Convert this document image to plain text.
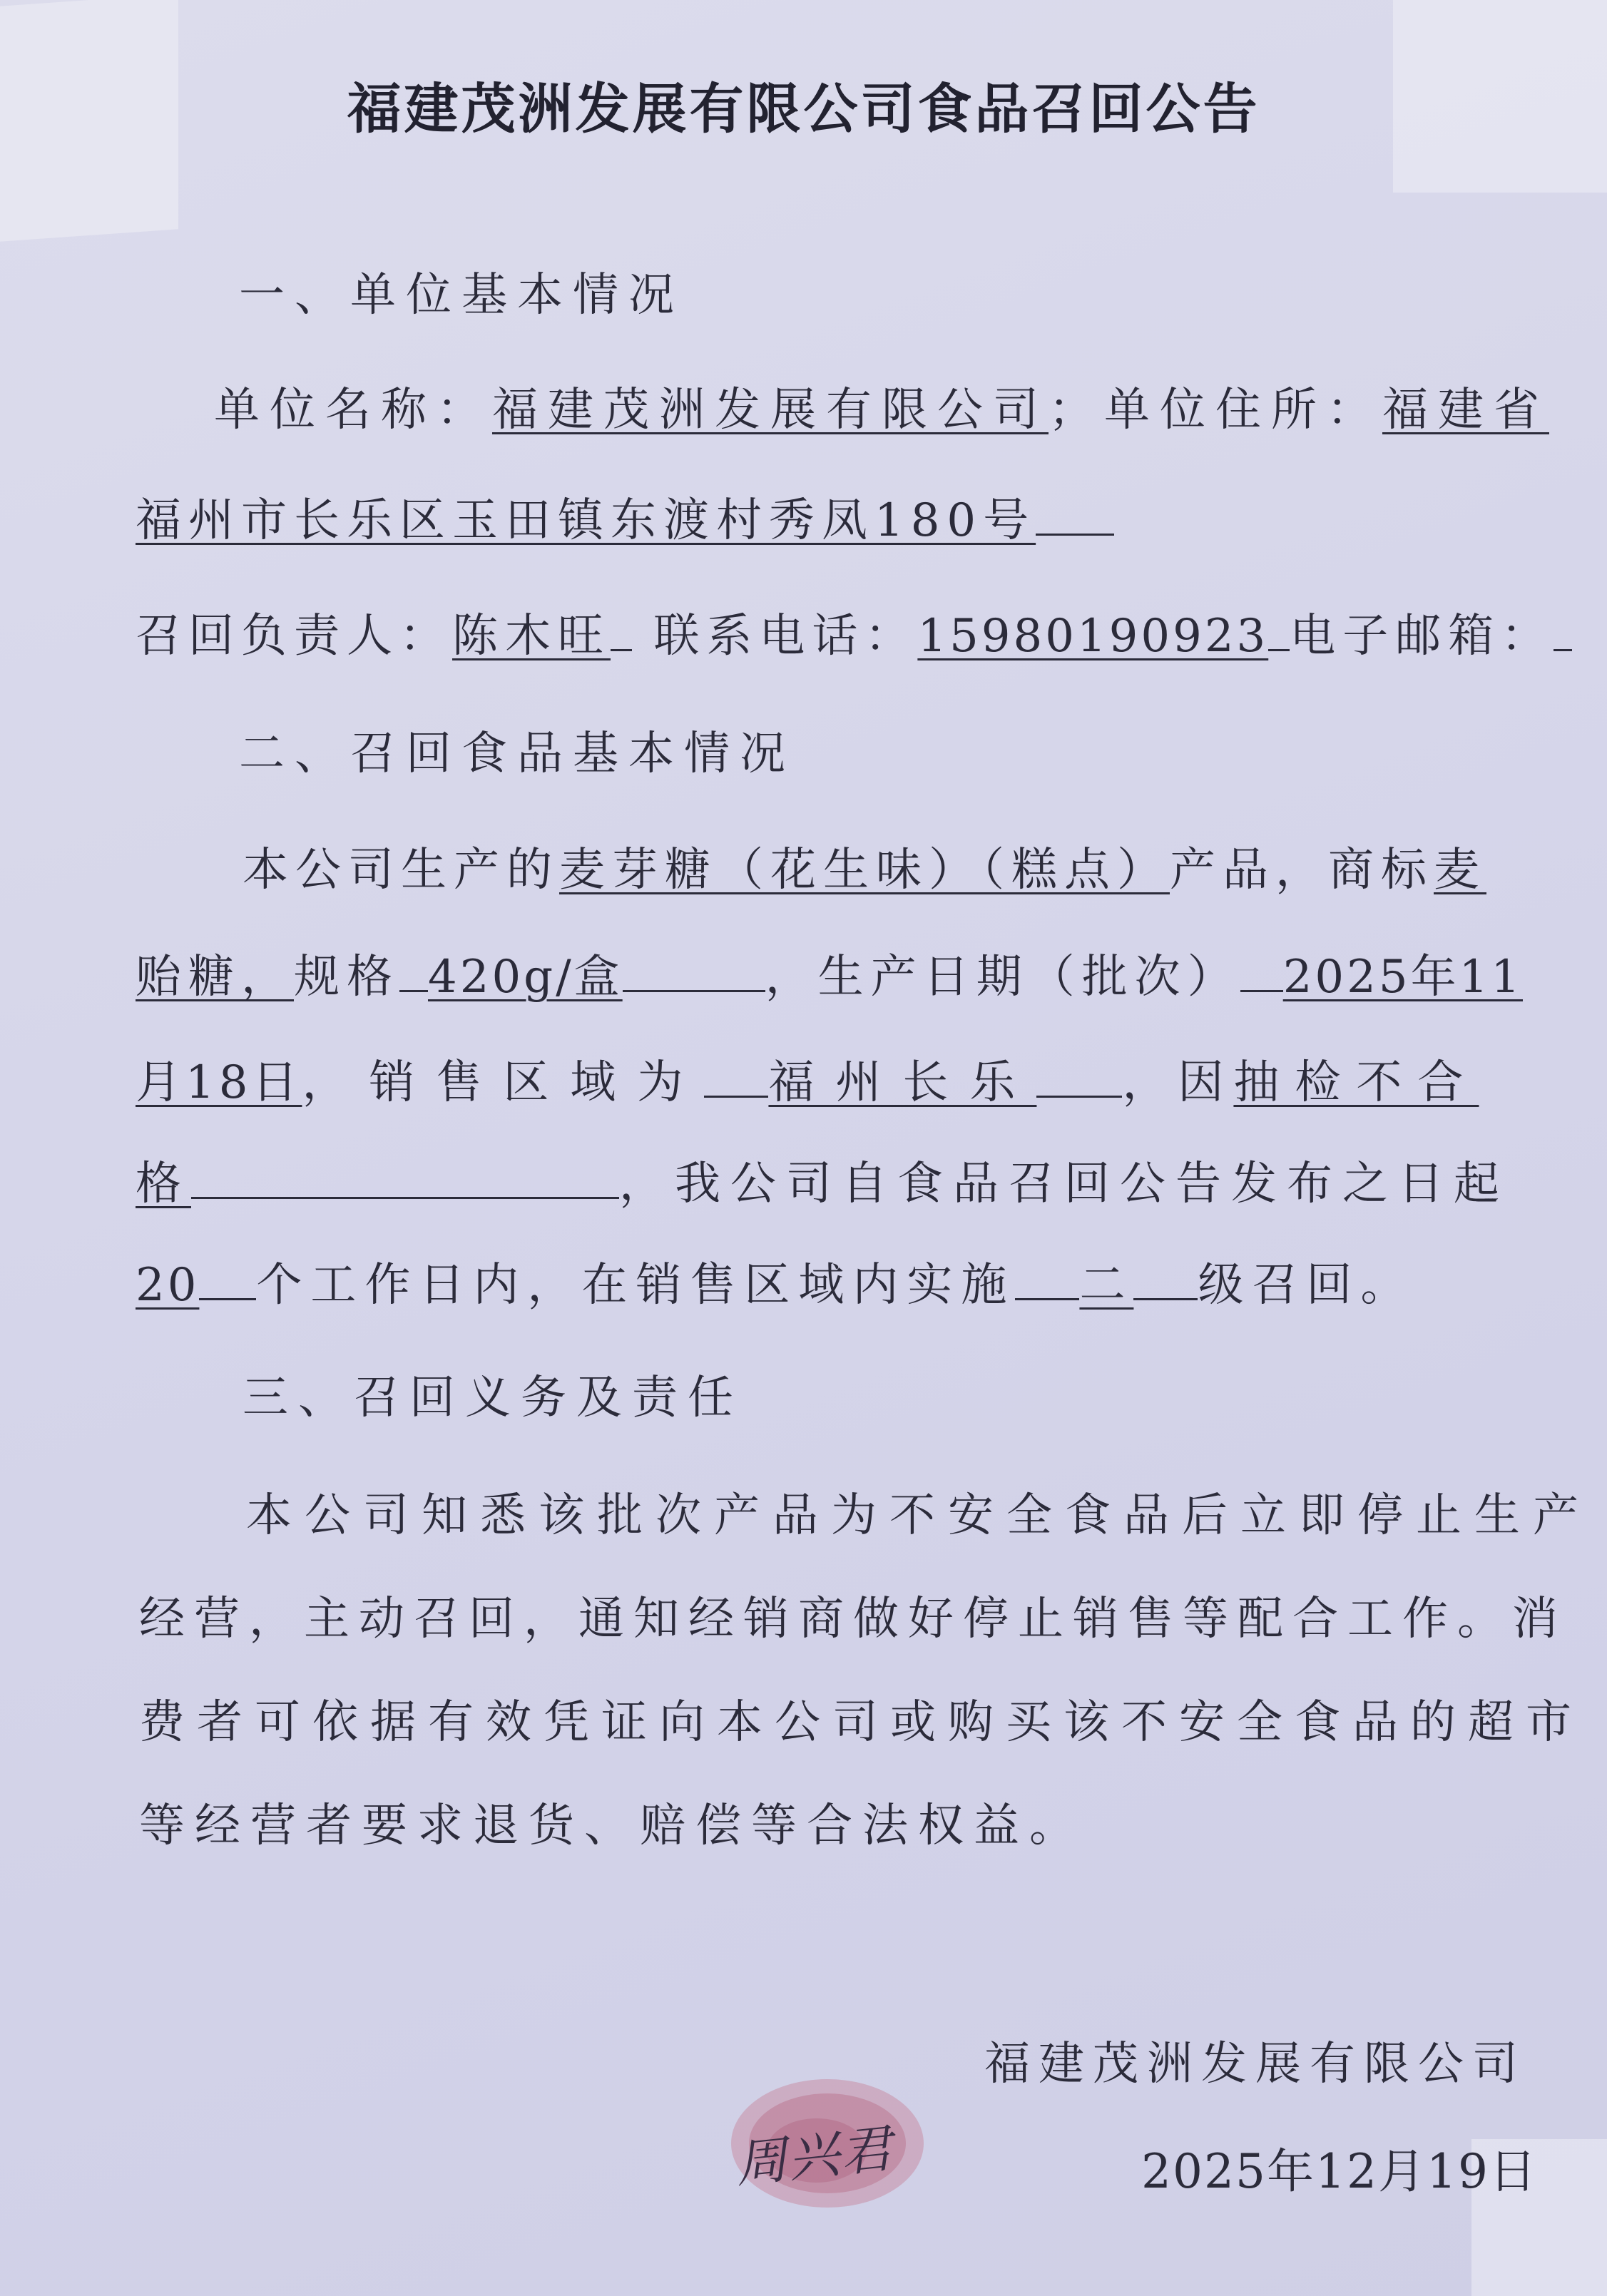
福建茂洲发展有限公司食品召回公告
一、单位基本情况
单位名称：福建茂洲发展有限公司；单位住所：福建省
福州市长乐区玉田镇东渡村秀凤180号
召回负责人：陈木旺 联系电话：15980190923 电子邮箱：
二、召回食品基本情况
本公司生产的麦芽糖（花生味）（糕点）产品，商标麦
贻糖，规格 420g/盒	，生产日期（批次） 2025年11
月18日，销售区域为 福州长乐 ，因抽检不合
格	，我公司自食品召回公告发布之日起
20 个工作日内，在销售区域内实施 二 级召回。
三、召回义务及责任
本公司知悉该批次产品为不安全食品后立即停止生产
经营，主动召回，通知经销商做好停止销售等配合工作。消
费者可依据有效凭证向本公司或购买该不安全食品的超市
等经营者要求退货、赔偿等合法权益。
福建茂洲发展有限公司
周兴君	2025年12月19日
